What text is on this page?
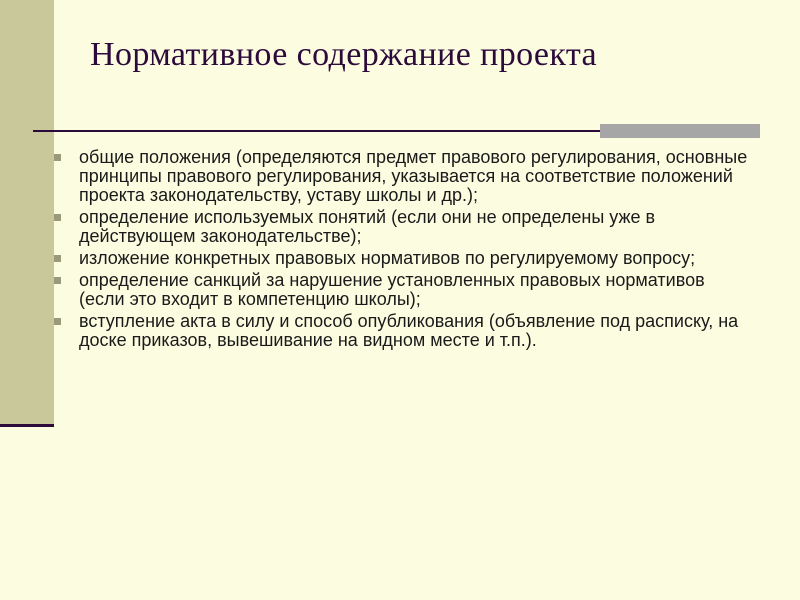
Нормативное содержание проекта
общие положения (определяются предмет правового регулирования, основные принципы правового регулирования, указывается на соответствие положений проекта законодательству, уставу школы и др.);
определение используемых понятий (если они не определены уже в действующем законодательстве);
изложение конкретных правовых нормативов по регулируемому вопросу;
определение санкций за нарушение установленных правовых нормативов (если это входит в компетенцию школы);
вступление акта в силу и способ опубликования (объявление под расписку, на доске приказов, вывешивание на видном месте и т.п.).
